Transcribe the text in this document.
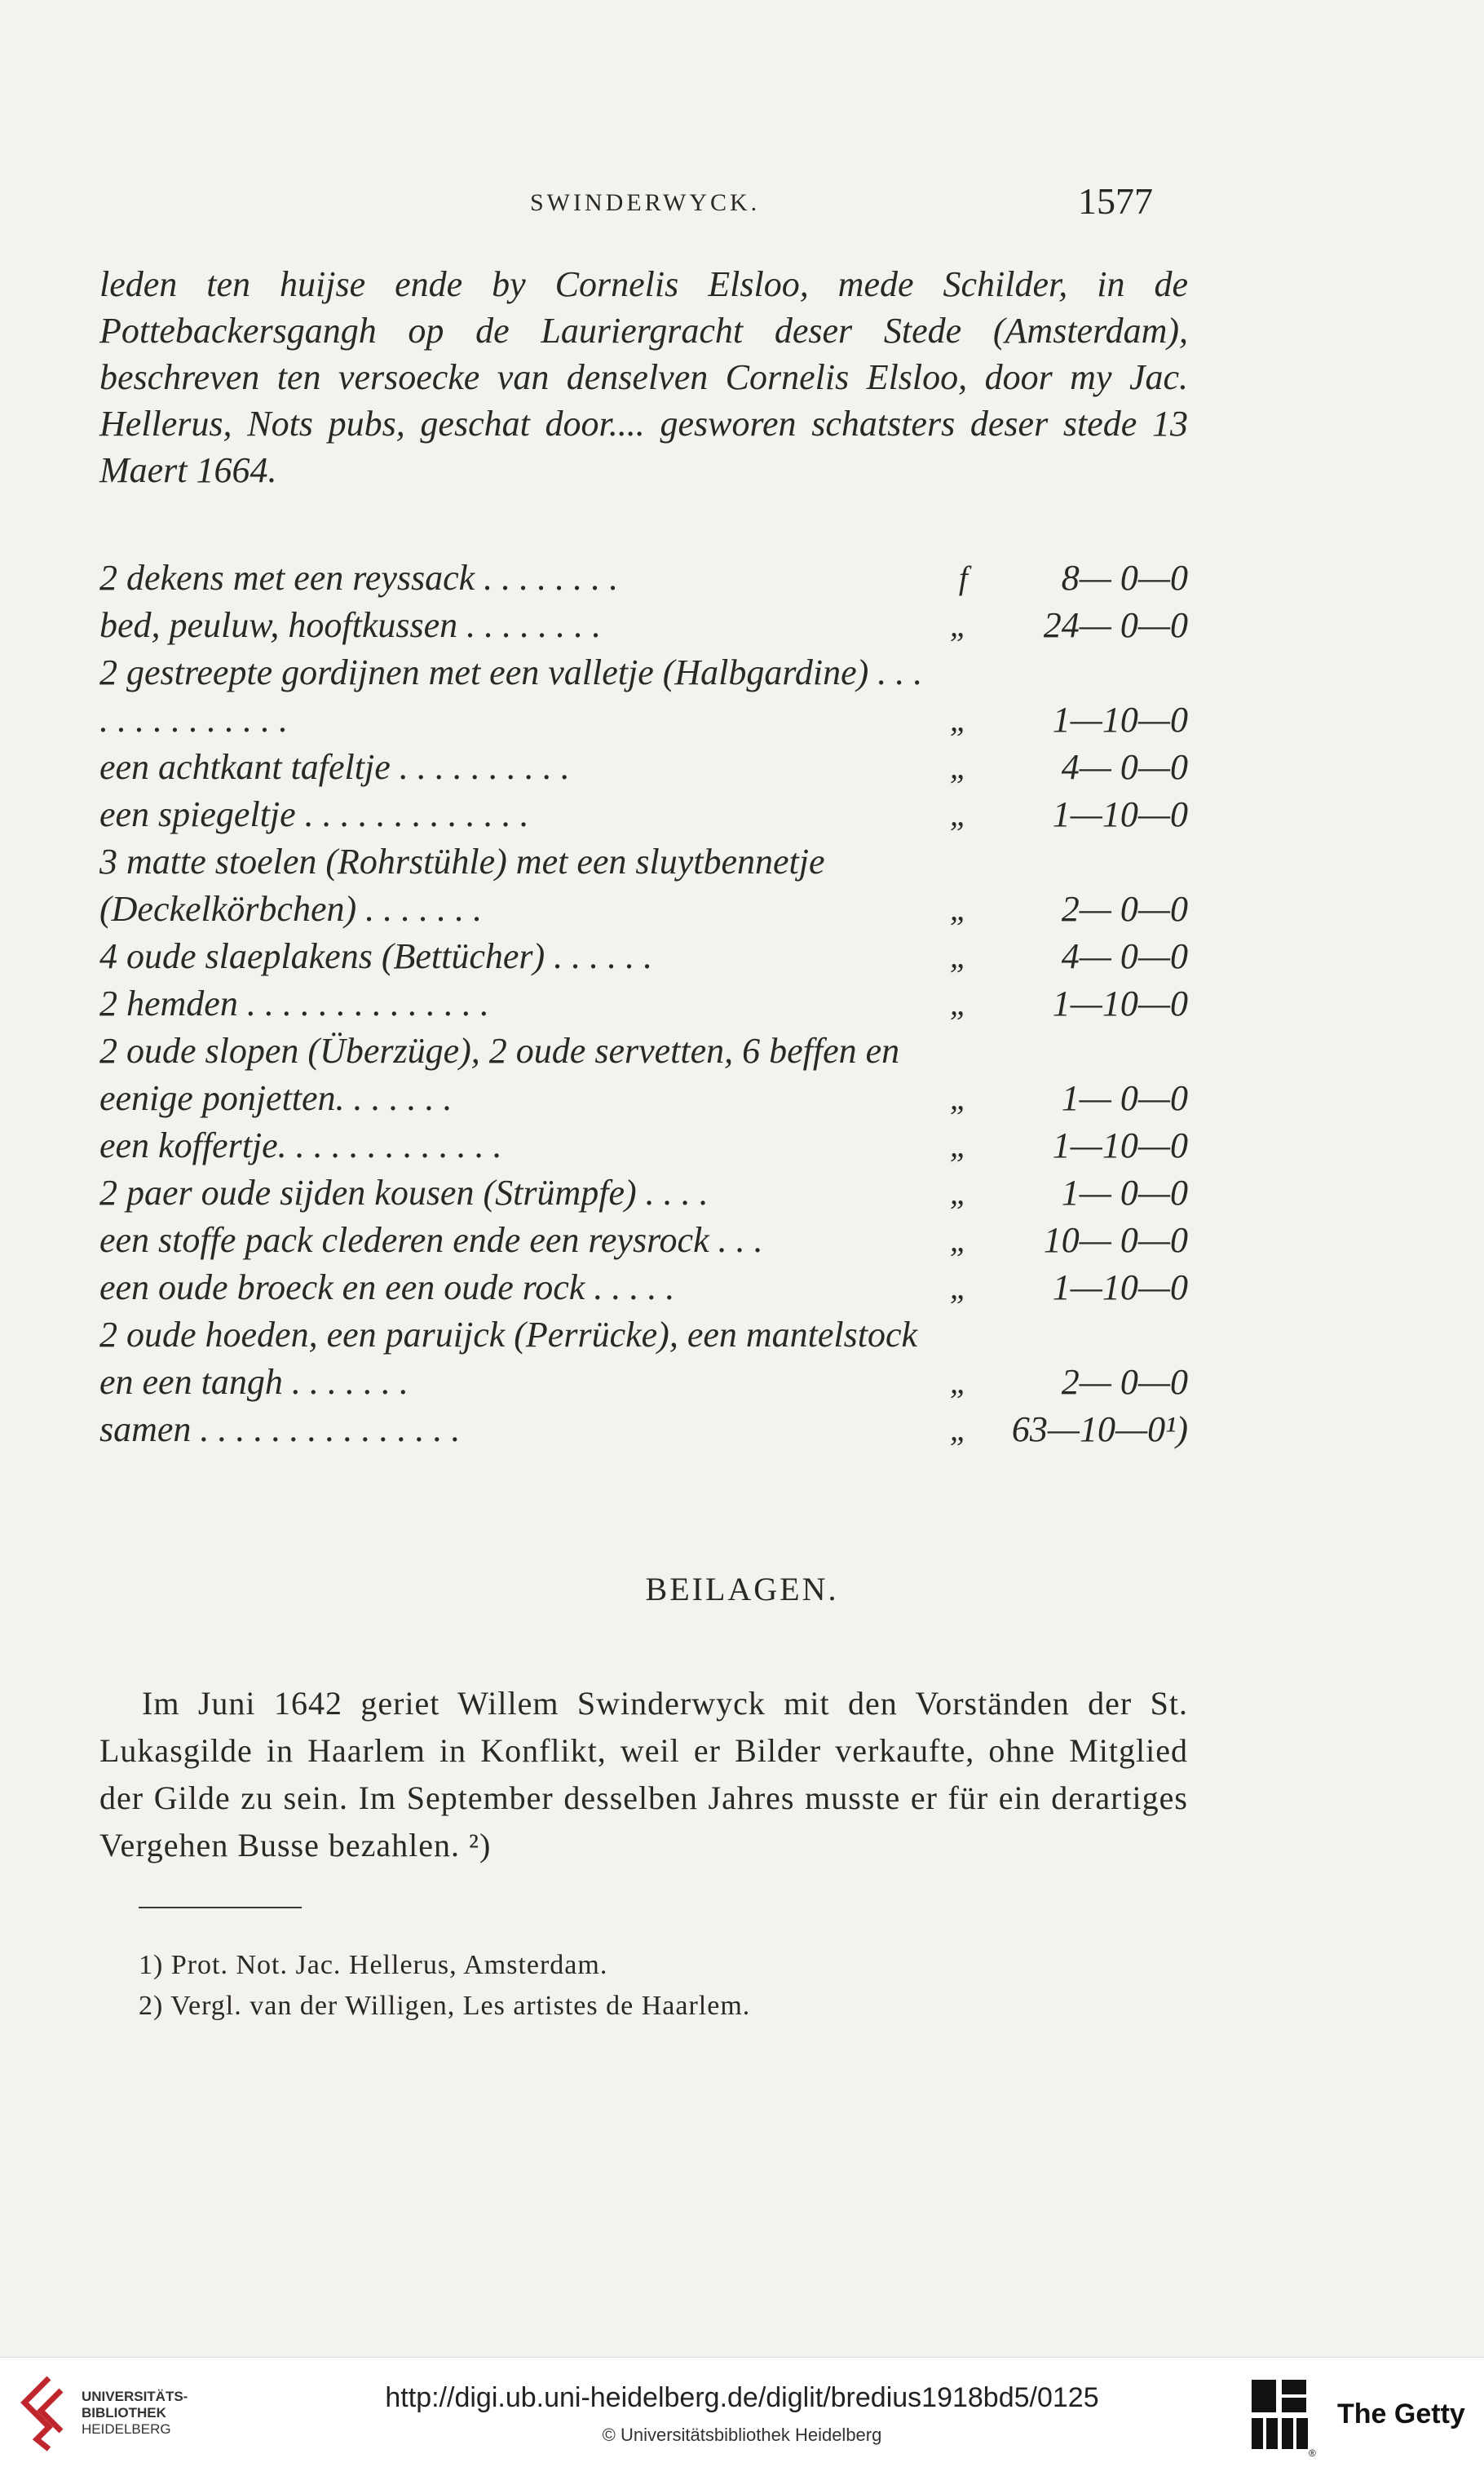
SWINDERWYCK.	1577

leden ten huijse ende by Cornelis Elsloo, mede Schilder, in de Pottebackersgangh op de Lauriergracht deser Stede (Amsterdam), beschreven ten versoecke van denselven Cornelis Elsloo, door my Jac. Hellerus, Nots pubs, geschat door.... gesworen schatsters deser stede 13 Maert 1664.

2 dekens met een reyssack . . . . . . . .	f	8— 0—0
bed, peuluw, hooftkussen . . . . . . . .	„	24— 0—0
2 gestreepte gordijnen met een valletje (Halbgardine) . . . . . . . . . . . . . .	„	1—10—0
een achtkant tafeltje . . . . . . . . . .	„	4— 0—0
een spiegeltje . . . . . . . . . . . . .	„	1—10—0
3 matte stoelen (Rohrstühle) met een sluytbennetje (Deckelkörbchen) . . . . . . .	„	2— 0—0
4 oude slaeplakens (Bettücher) . . . . . .	„	4— 0—0
2 hemden . . . . . . . . . . . . . .	„	1—10—0
2 oude slopen (Überzüge), 2 oude servetten, 6 beffen en eenige ponjetten. . . . . . .	„	1— 0—0
een koffertje. . . . . . . . . . . . .	„	1—10—0
2 paer oude sijden kousen (Strümpfe) . . . .	„	1— 0—0
een stoffe pack clederen ende een reysrock . . .	„	10— 0—0
een oude broeck en een oude rock . . . . .	„	1—10—0
2 oude hoeden, een paruijck (Perrücke), een mantelstock en een tangh . . . . . . .	„	2— 0—0
samen . . . . . . . . . . . . . . .	„	63—10—0¹)
BEILAGEN.

Im Juni 1642 geriet Willem Swinderwyck mit den Vorständen der St. Lukasgilde in Haarlem in Konflikt, weil er Bilder verkaufte, ohne Mitglied der Gilde zu sein. Im September desselben Jahres musste er für ein derartiges Vergehen Busse bezahlen. ²)

1) Prot. Not. Jac. Hellerus, Amsterdam.
2) Vergl. van der Willigen, Les artistes de Haarlem.
UNIVERSITÄTS-
BIBLIOTHEK
HEIDELBERG
http://digi.ub.uni-heidelberg.de/diglit/bredius1918bd5/0125
© Universitätsbibliothek Heidelberg
The Getty
®
